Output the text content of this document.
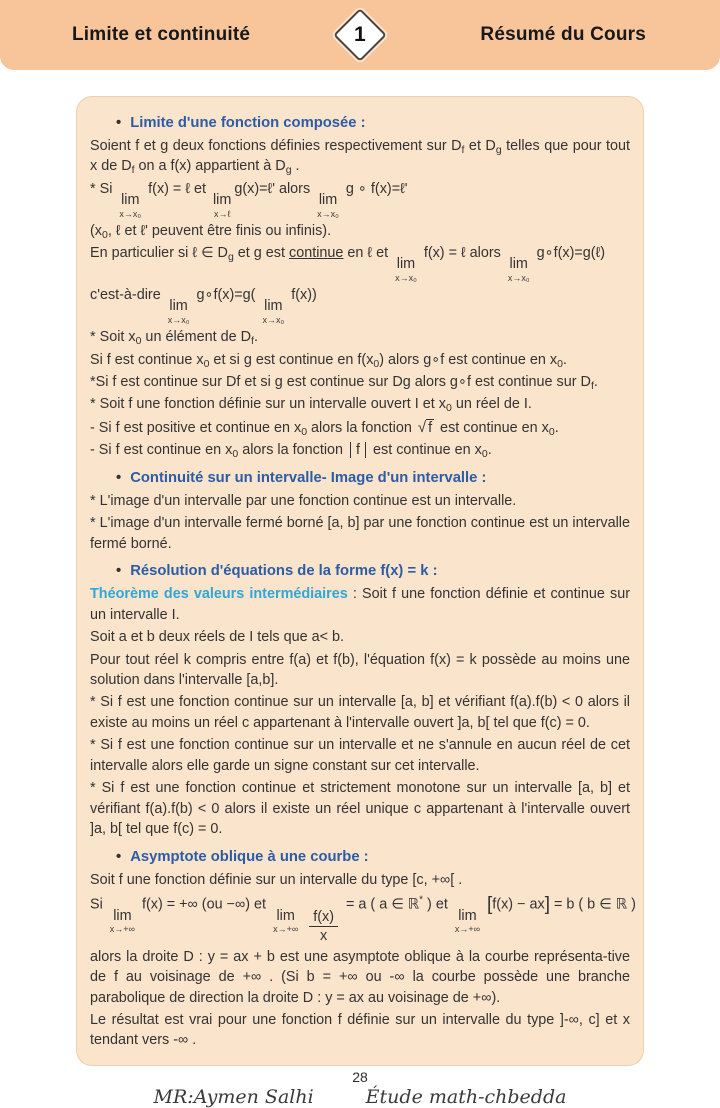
Limite et continuité	1	Résumé du Cours
• Limite d'une fonction composée :
Soient f et g deux fonctions définies respectivement sur $D_f$ et $D_g$ telles que pour tout x de $D_f$ on a f(x) appartient à $D_g$ .
* Si
lim
x→x₀
f(x) = ℓ et
lim
x→ℓ
g(x)=ℓ' alors
lim
x→x₀
g ∘ f(x)=ℓ'
($x_0$, ℓ et ℓ' peuvent être finis ou infinis).
En particulier si ℓ ∈ $D_g$ et g est continue en ℓ et
lim
x→x₀
f(x) = ℓ alors
lim
x→x₀
g∘f(x)=g(ℓ)
c'est-à-dire
lim
x→x₀
g∘f(x)=g(
lim
x→x₀
f(x))
* Soit $x_0$ un élément de $D_f$.
Si f est continue $x_0$ et si g est continue en $f(x_0)$ alors g∘f est continue en $x_0$.
*Si f est continue sur Df et si g est continue sur Dg alors g∘f est continue sur $D_f$.
* Soit f une fonction définie sur un intervalle ouvert I et $x_0$ un réel de I.
- Si f est positive et continue en $x_0$ alors la fonction √ f est continue en $x_0$.
- Si f est continue en $x_0$ alors la fonction f est continue en $x_0$.
• Continuité sur un intervalle- Image d'un intervalle :
* L'image d'un intervalle par une fonction continue est un intervalle.
* L'image d'un intervalle fermé borné [a, b] par une fonction continue est un intervalle fermé borné.
• Résolution d'équations de la forme f(x) = k :
Théorème des valeurs intermédiaires : Soit f une fonction définie et continue sur un intervalle I.
Soit a et b deux réels de I tels que a< b.
Pour tout réel k compris entre f(a) et f(b), l'équation f(x) = k possède au moins une solution dans l'intervalle [a,b].
* Si f est une fonction continue sur un intervalle [a, b] et vérifiant f(a).f(b) < 0 alors il existe au moins un réel c appartenant à l'intervalle ouvert ]a, b[ tel que f(c) = 0.
* Si f est une fonction continue sur un intervalle et ne s'annule en aucun réel de cet intervalle alors elle garde un signe constant sur cet intervalle.
* Si f est une fonction continue et strictement monotone sur un intervalle [a, b] et vérifiant f(a).f(b) < 0 alors il existe un réel unique c appartenant à l'intervalle ouvert ]a, b[ tel que f(c) = 0.
• Asymptote oblique à une courbe :
Soit f une fonction définie sur un intervalle du type [c, +∞[ .
Si
lim
x→+∞
f(x) = +∞ (ou −∞) et
lim
x→+∞
$\frac{f(x)}{x}$
= a ( a ∈ ℝ* ) et
lim
x→+∞
[f(x) − ax] = b ( b ∈ ℝ )
alors la droite D : y = ax + b est une asymptote oblique à la courbe représenta-tive de f au voisinage de +∞ . (Si b = +∞ ou -∞ la courbe possède une branche parabolique de direction la droite D : y = ax au voisinage de +∞).
Le résultat est vrai pour une fonction f définie sur un intervalle du type ]-∞, c] et x tendant vers -∞ .
28
MR:Aymen Salhi	Étude math-chbedda
